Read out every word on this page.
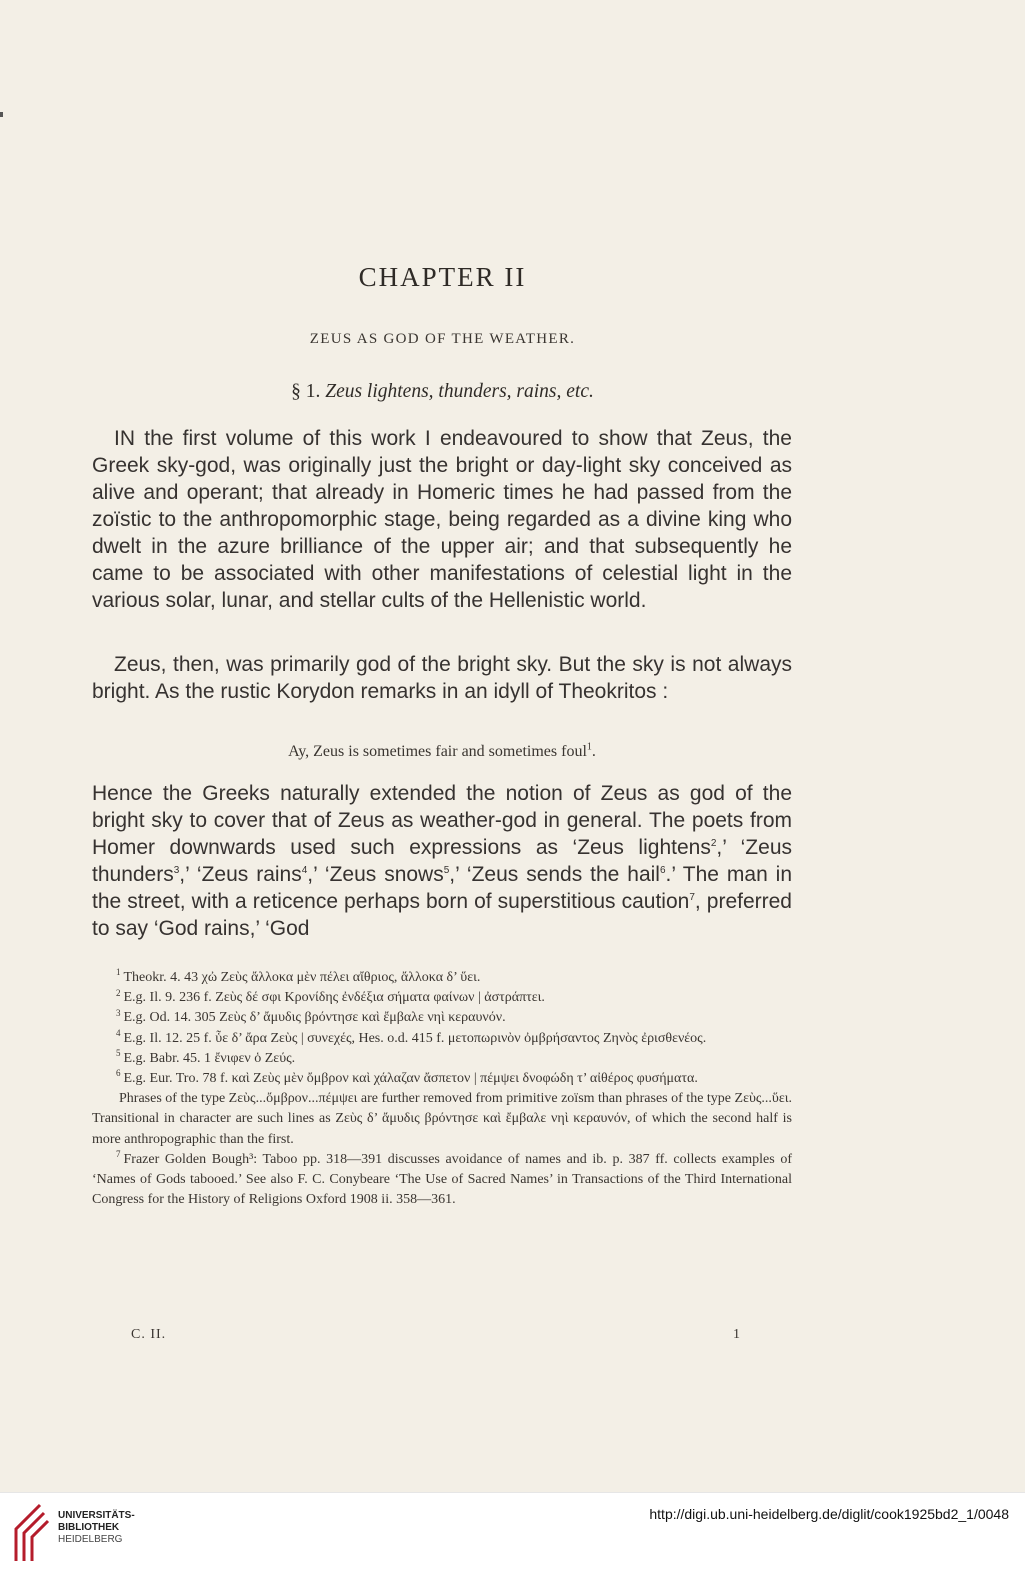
CHAPTER II
ZEUS AS GOD OF THE WEATHER.
§ 1. Zeus lightens, thunders, rains, etc.

IN the first volume of this work I endeavoured to show that Zeus, the Greek sky-god, was originally just the bright or day-light sky conceived as alive and operant; that already in Homeric times he had passed from the zoïstic to the anthropomorphic stage, being regarded as a divine king who dwelt in the azure brilliance of the upper air; and that subsequently he came to be associated with other manifestations of celestial light in the various solar, lunar, and stellar cults of the Hellenistic world.

Zeus, then, was primarily god of the bright sky. But the sky is not always bright. As the rustic Korydon remarks in an idyll of Theokritos :

Ay, Zeus is sometimes fair and sometimes foul$^1$.

Hence the Greeks naturally extended the notion of Zeus as god of the bright sky to cover that of Zeus as weather-god in general. The poets from Homer downwards used such expressions as ‘Zeus lightens$^2$,’ ‘Zeus thunders$^3$,’ ‘Zeus rains$^4$,’ ‘Zeus snows$^5$,’ ‘Zeus sends the hail$^6$.’ The man in the street, with a reticence perhaps born of superstitious caution$^7$, preferred to say ‘God rains,’ ‘God

$^1$ Theokr. 4. 43 χὠ Ζεὺς ἄλλοκα μὲν πέλει αἴθριος, ἄλλοκα δ’ ὕει.

$^2$ E.g. Il. 9. 236 f. Ζεὺς δέ σφι Κρονίδης ἐνδέξια σήματα φαίνων | ἀστράπτει.

$^3$ E.g. Od. 14. 305 Ζεὺς δ’ ἄμυδις βρόντησε καὶ ἔμβαλε νηὶ κεραυνόν.

$^4$ E.g. Il. 12. 25 f. ὗε δ’ ἄρα Ζεὺς | συνεχές, Hes. o.d. 415 f. μετοπωρινὸν ὀμβρήσαντος Ζηνὸς ἐρισθενέος.

$^5$ E.g. Babr. 45. 1 ἔνιφεν ὁ Ζεύς.

$^6$ E.g. Eur. Tro. 78 f. καὶ Ζεὺς μὲν ὄμβρον καὶ χάλαζαν ἄσπετον | πέμψει δνοφώδη τ’ αἰθέρος φυσήματα.

Phrases of the type Ζεὺς...ὄμβρον...πέμψει are further removed from primitive zoïsm than phrases of the type Ζεὺς...ὕει. Transitional in character are such lines as Ζεὺς δ’ ἄμυδις βρόντησε καὶ ἔμβαλε νηὶ κεραυνόν, of which the second half is more anthropographic than the first.

$^7$ Frazer Golden Bough³: Taboo pp. 318—391 discusses avoidance of names and ib. p. 387 ff. collects examples of ‘Names of Gods tabooed.’ See also F. C. Conybeare ‘The Use of Sacred Names’ in Transactions of the Third International Congress for the History of Religions Oxford 1908 ii. 358—361.

C. II.	1
UNIVERSITÄTS-
BIBLIOTHEK
HEIDELBERG
http://digi.ub.uni-heidelberg.de/diglit/cook1925bd2_1/0048
